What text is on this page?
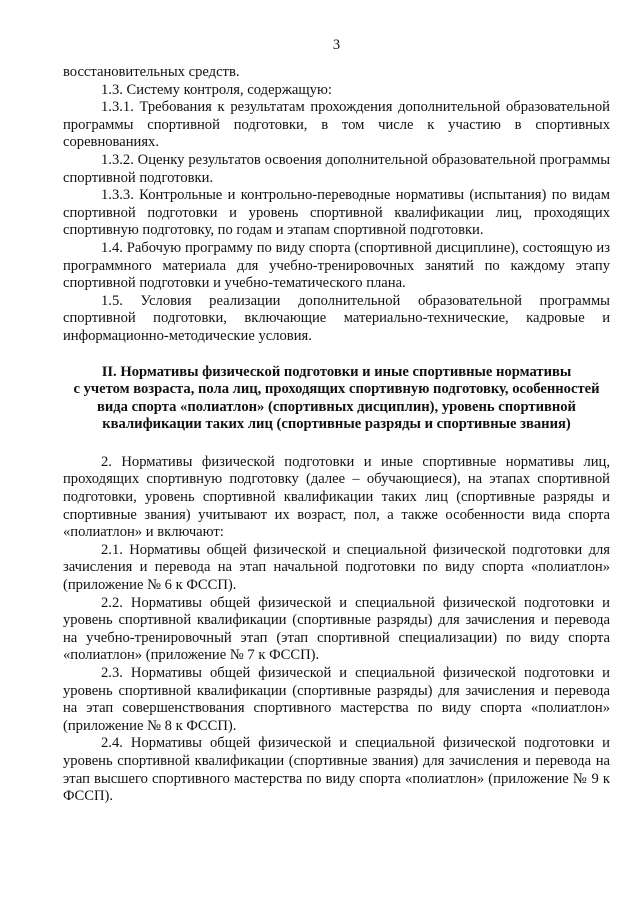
3

восстановительных средств.

1.3. Систему контроля, содержащую:

1.3.1. Требования к результатам прохождения дополнительной образовательной программы спортивной подготовки, в том числе к участию в спортивных соревнованиях.

1.3.2. Оценку результатов освоения дополнительной образовательной программы спортивной подготовки.

1.3.3. Контрольные и контрольно-переводные нормативы (испытания) по видам спортивной подготовки и уровень спортивной квалификации лиц, проходящих спортивную подготовку, по годам и этапам спортивной подготовки.

1.4. Рабочую программу по виду спорта (спортивной дисциплине), состоящую из программного материала для учебно-тренировочных занятий по каждому этапу спортивной подготовки и учебно-тематического плана.

1.5. Условия реализации дополнительной образовательной программы спортивной подготовки, включающие материально-технические, кадровые и информационно-методические условия.

II. Нормативы физической подготовки и иные спортивные нормативы
с учетом возраста, пола лиц, проходящих спортивную подготовку, особенностей
вида спорта «полиатлон» (спортивных дисциплин), уровень спортивной
квалификации таких лиц (спортивные разряды и спортивные звания)

2. Нормативы физической подготовки и иные спортивные нормативы лиц, проходящих спортивную подготовку (далее – обучающиеся), на этапах спортивной подготовки, уровень спортивной квалификации таких лиц (спортивные разряды и спортивные звания) учитывают их возраст, пол, а также особенности вида спорта «полиатлон» и включают:

2.1. Нормативы общей физической и специальной физической подготовки для зачисления и перевода на этап начальной подготовки по виду спорта «полиатлон» (приложение № 6 к ФССП).

2.2. Нормативы общей физической и специальной физической подготовки и уровень спортивной квалификации (спортивные разряды) для зачисления и перевода на учебно-тренировочный этап (этап спортивной специализации) по виду спорта «полиатлон» (приложение № 7 к ФССП).

2.3. Нормативы общей физической и специальной физической подготовки и уровень спортивной квалификации (спортивные разряды) для зачисления и перевода на этап совершенствования спортивного мастерства по виду спорта «полиатлон» (приложение № 8 к ФССП).

2.4. Нормативы общей физической и специальной физической подготовки и уровень спортивной квалификации (спортивные звания) для зачисления и перевода на этап высшего спортивного мастерства по виду спорта «полиатлон» (приложение № 9 к ФССП).
